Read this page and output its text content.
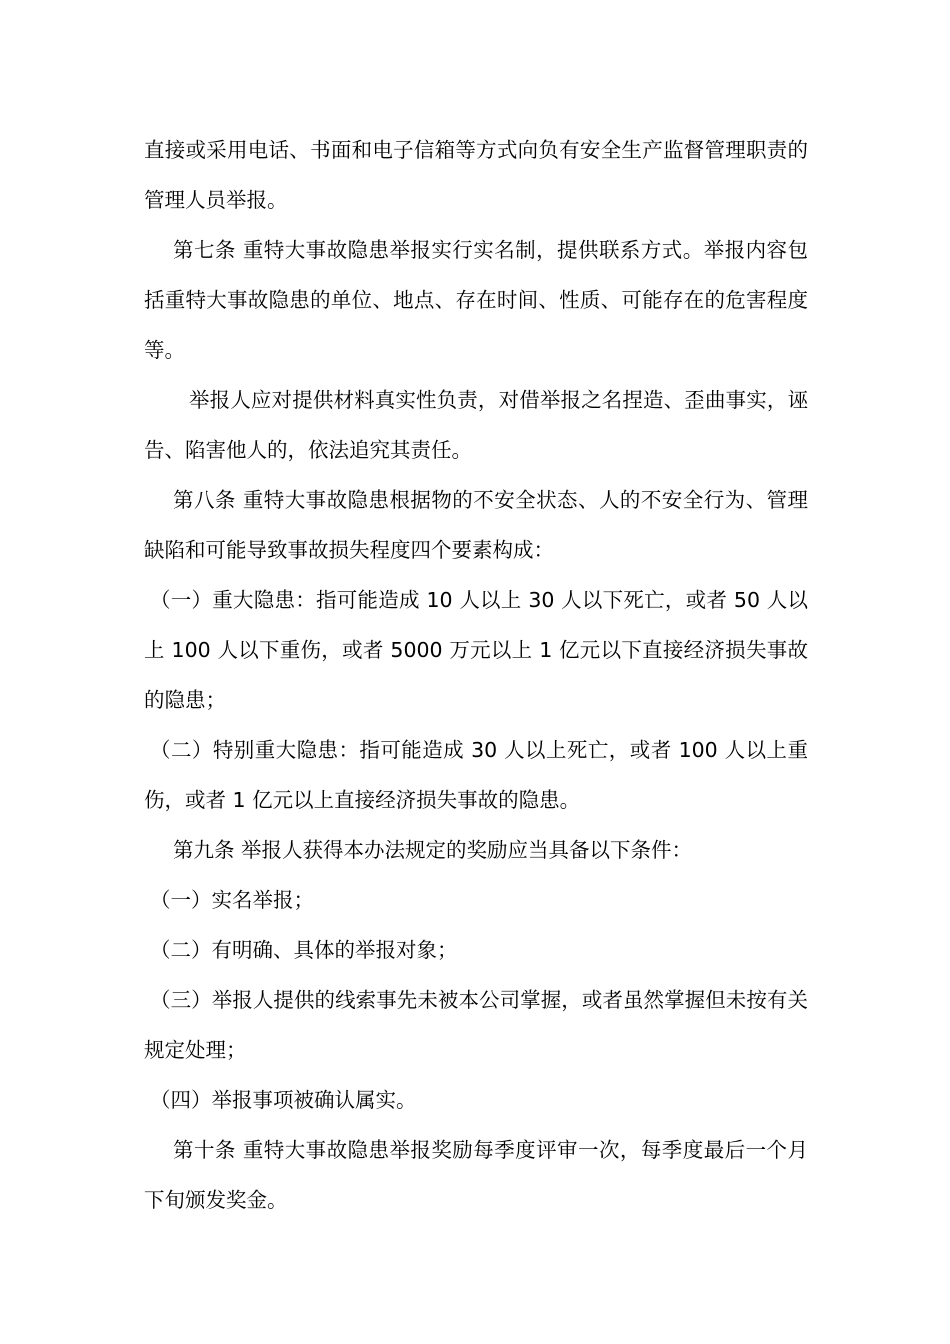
直接或采用电话、书面和电子信箱等方式向负有安全生产监督管理职责的管理人员举报。

第七条 重特大事故隐患举报实行实名制，提供联系方式。举报内容包括重特大事故隐患的单位、地点、存在时间、性质、可能存在的危害程度等。

举报人应对提供材料真实性负责，对借举报之名捏造、歪曲事实，诬告、陷害他人的，依法追究其责任。

第八条 重特大事故隐患根据物的不安全状态、人的不安全行为、管理缺陷和可能导致事故损失程度四个要素构成：

（一）重大隐患：指可能造成 10 人以上 30 人以下死亡，或者 50 人以上 100 人以下重伤，或者 5000 万元以上 1 亿元以下直接经济损失事故的隐患；

（二）特别重大隐患：指可能造成 30 人以上死亡，或者 100 人以上重伤，或者 1 亿元以上直接经济损失事故的隐患。

第九条 举报人获得本办法规定的奖励应当具备以下条件：

（一）实名举报；

（二）有明确、具体的举报对象；

（三）举报人提供的线索事先未被本公司掌握，或者虽然掌握但未按有关规定处理；

（四）举报事项被确认属实。

第十条 重特大事故隐患举报奖励每季度评审一次，每季度最后一个月下旬颁发奖金。
